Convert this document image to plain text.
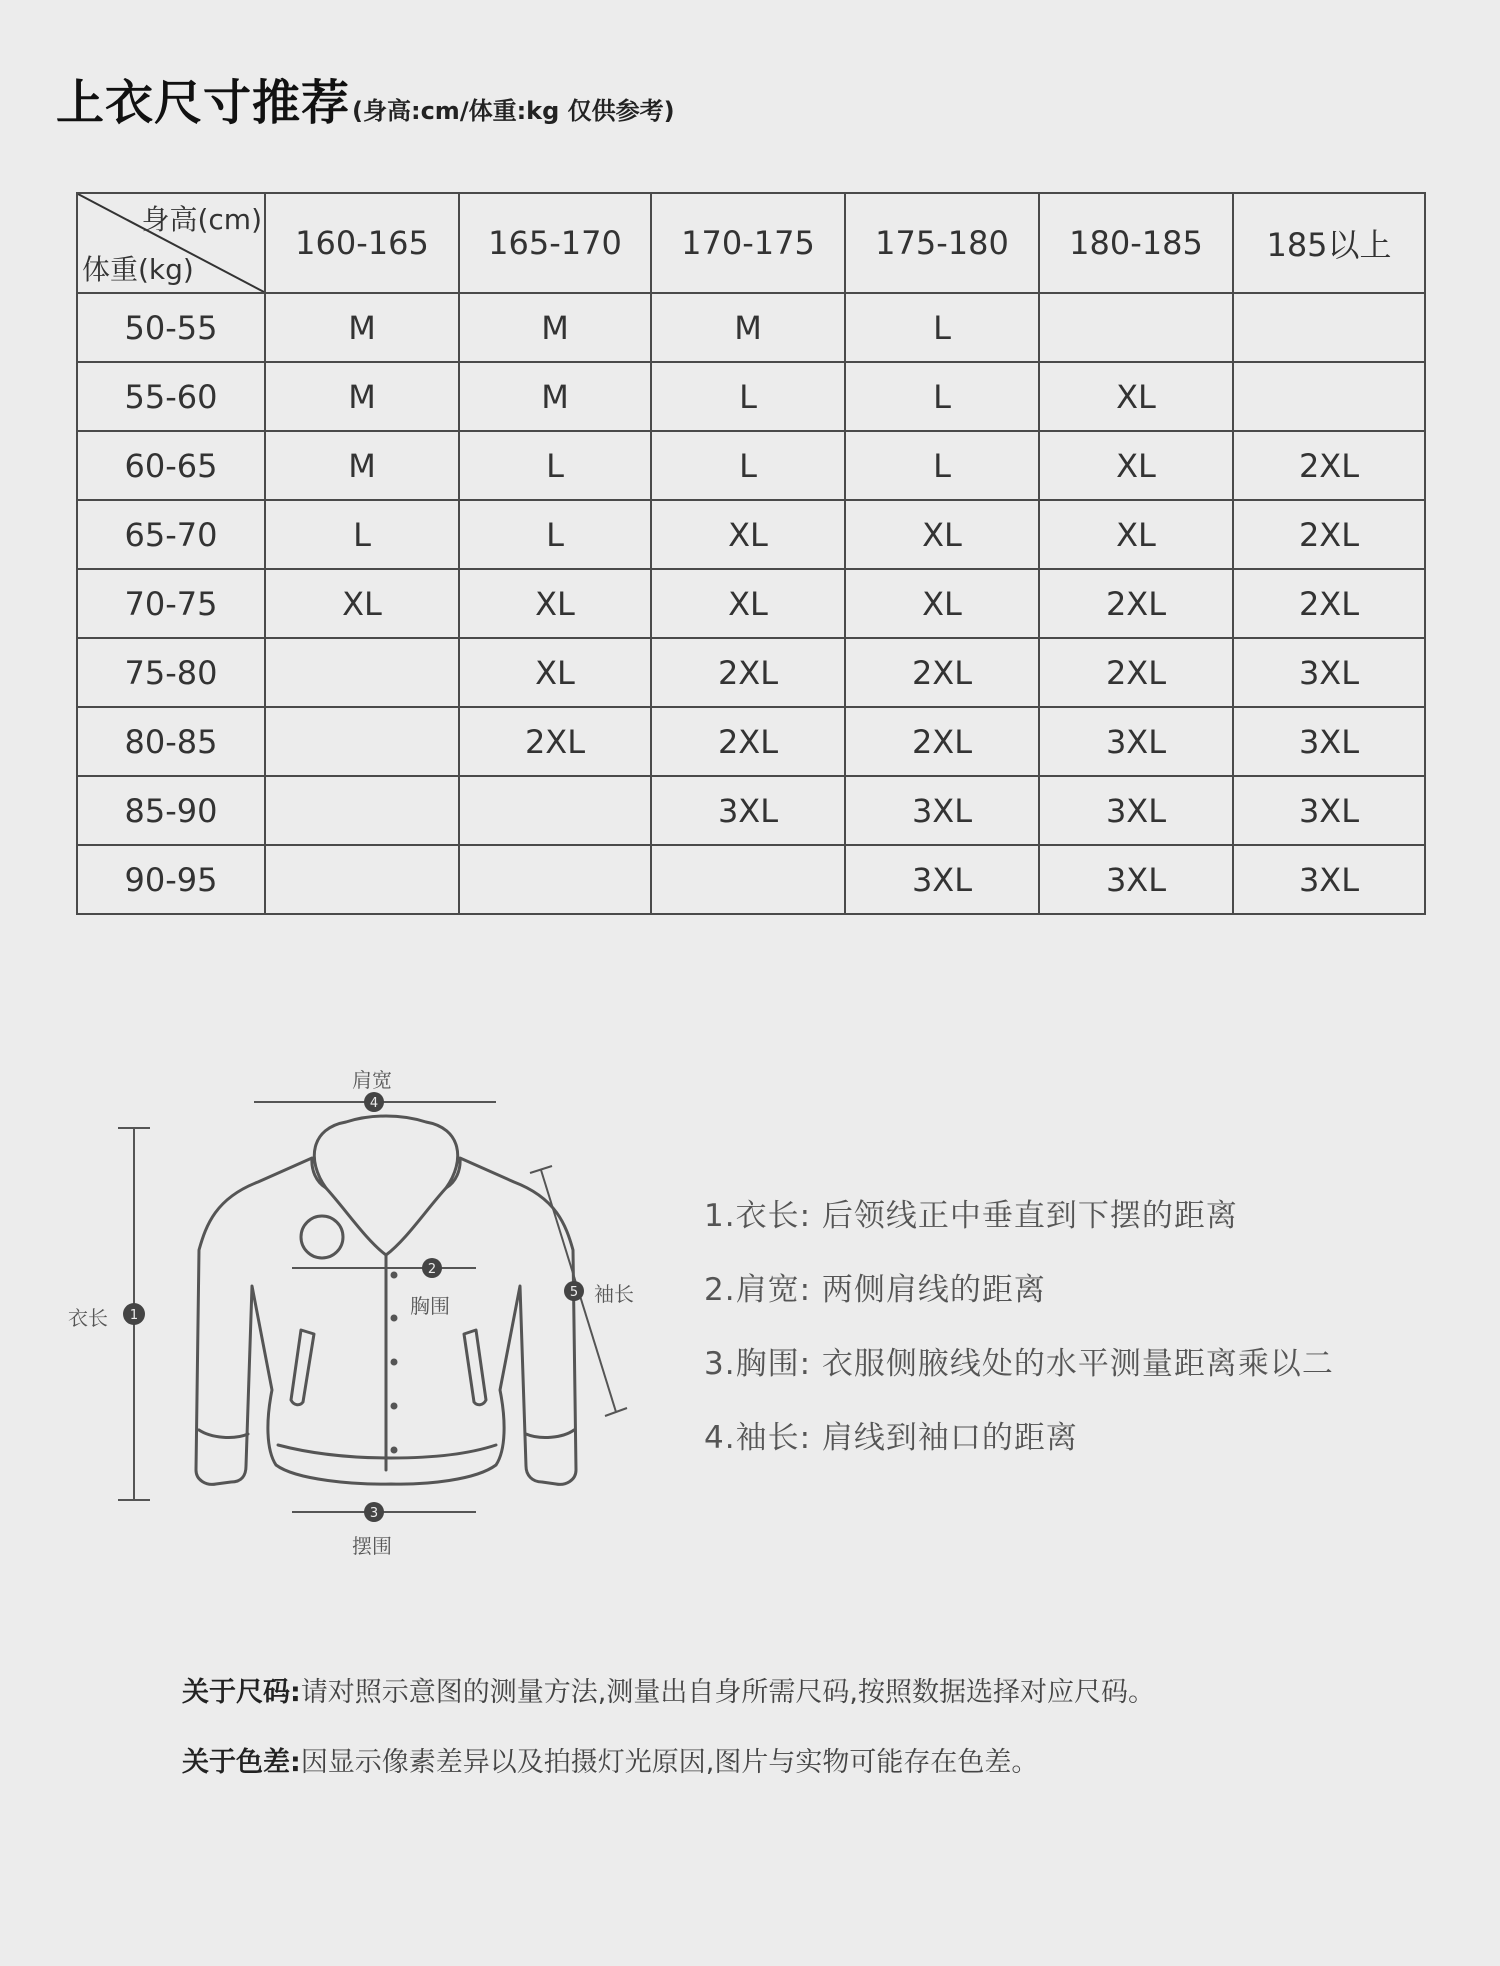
上衣尺寸推荐 (身高:cm/体重:kg 仅供参考)
身高(cm)
体重(kg)	160-165	165-170	170-175	175-180	180-185	185以上
50-55	M	M	M	L		
55-60	M	M	L	L	XL	
60-65	M	L	L	L	XL	2XL
65-70	L	L	XL	XL	XL	2XL
70-75	XL	XL	XL	XL	2XL	2XL
75-80		XL	2XL	2XL	2XL	3XL
80-85		2XL	2XL	2XL	3XL	3XL
85-90			3XL	3XL	3XL	3XL
90-95				3XL	3XL	3XL
4
1
2
3
5
肩宽
胸围	袖长
衣长
摆围
1.衣长: 后领线正中垂直到下摆的距离
2.肩宽: 两侧肩线的距离
3.胸围: 衣服侧腋线处的水平测量距离乘以二
4.袖长: 肩线到袖口的距离
关于尺码:请对照示意图的测量方法,测量出自身所需尺码,按照数据选择对应尺码。
关于色差:因显示像素差异以及拍摄灯光原因,图片与实物可能存在色差。
